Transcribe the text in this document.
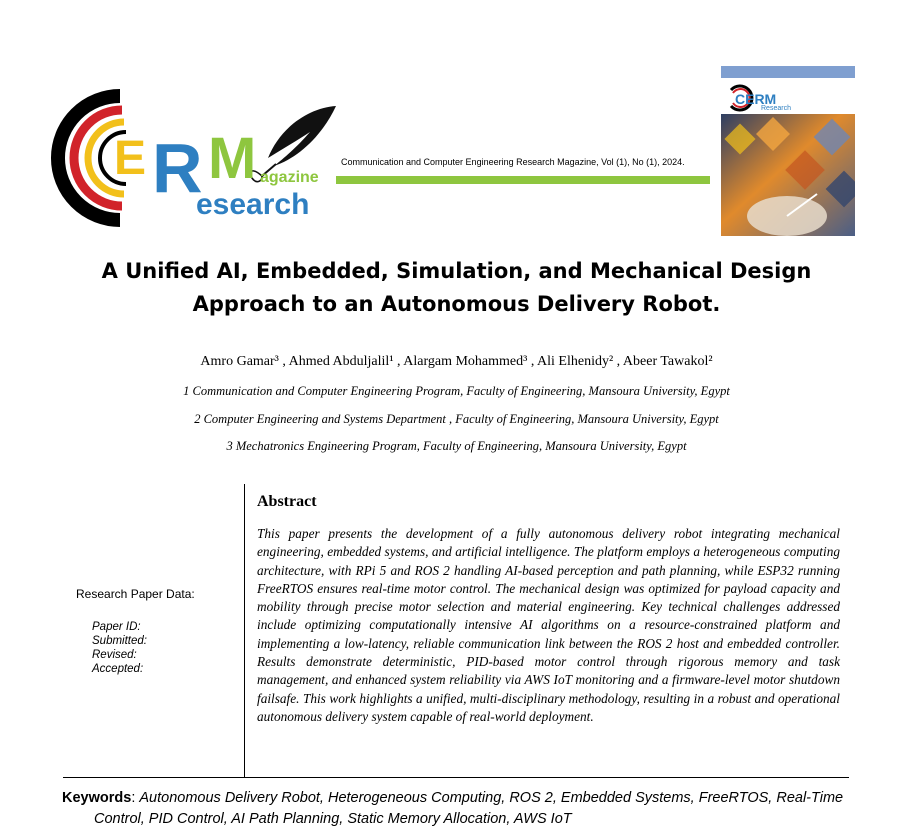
E R M agazine
esearch
Communication and Computer Engineering Research Magazine, Vol (1), No (1), 2024.
CERM
Research
A Unified AI, Embedded, Simulation, and Mechanical Design
Approach to an Autonomous Delivery Robot.
Amro Gamar³ , Ahmed Abduljalil¹ , Alargam Mohammed³ , Ali Elhenidy² , Abeer Tawakol²
1 Communication and Computer Engineering Program, Faculty of Engineering, Mansoura University, Egypt
2 Computer Engineering and Systems Department , Faculty of Engineering, Mansoura University, Egypt
3 Mechatronics Engineering Program, Faculty of Engineering, Mansoura University, Egypt
Research Paper Data:
Paper ID:
Submitted:
Revised:
Accepted:
Abstract
This paper presents the development of a fully autonomous delivery robot integrating mechanical engineering, embedded systems, and artificial intelligence. The platform employs a heterogeneous computing architecture, with RPi 5 and ROS 2 handling AI-based perception and path planning, while ESP32 running FreeRTOS ensures real-time motor control. The mechanical design was optimized for payload capacity and mobility through precise motor selection and material engineering. Key technical challenges addressed include optimizing computationally intensive AI algorithms on a resource-constrained platform and implementing a low-latency, reliable communication link between the ROS 2 host and embedded controller. Results demonstrate deterministic, PID-based motor control through rigorous memory and task management, and enhanced system reliability via AWS IoT monitoring and a firmware-level motor shutdown failsafe. This work highlights a unified, multi-disciplinary methodology, resulting in a robust and operational autonomous delivery system capable of real-world deployment.
Keywords: Autonomous Delivery Robot, Heterogeneous Computing, ROS 2, Embedded Systems, FreeRTOS, Real-Time
Control, PID Control, AI Path Planning, Static Memory Allocation, AWS IoT
